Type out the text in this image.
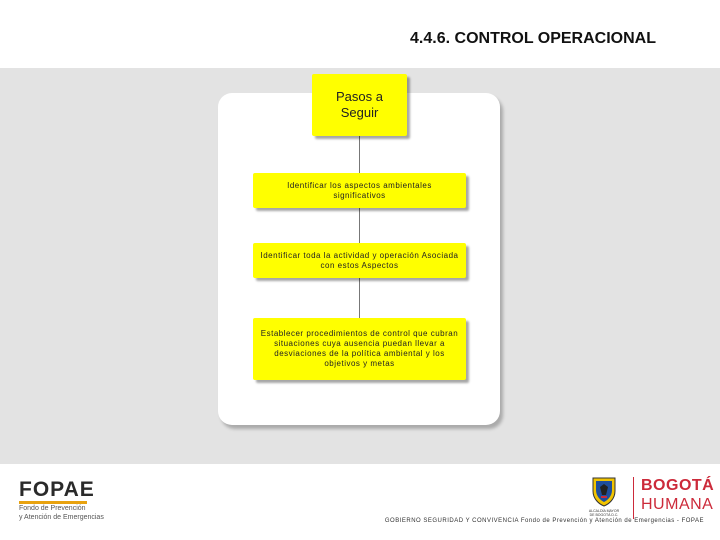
4.4.6. CONTROL OPERACIONAL
Pasos a Seguir
Identificar los aspectos ambientales significativos
Identificar toda la actividad y operación Asociada con estos Aspectos
Establecer procedimientos de control que cubran situaciones cuya ausencia puedan llevar a desviaciones de la política ambiental y los objetivos y metas
FOPAE
Fondo de Prevención
y Atención de Emergencias
ALCALDÍA MAYOR
DE BOGOTÁ D.C.
BOGOTÁ
HUMANA
GOBIERNO SEGURIDAD Y CONVIVENCIA Fondo de Prevención y Atención de Emergencias - FOPAE
